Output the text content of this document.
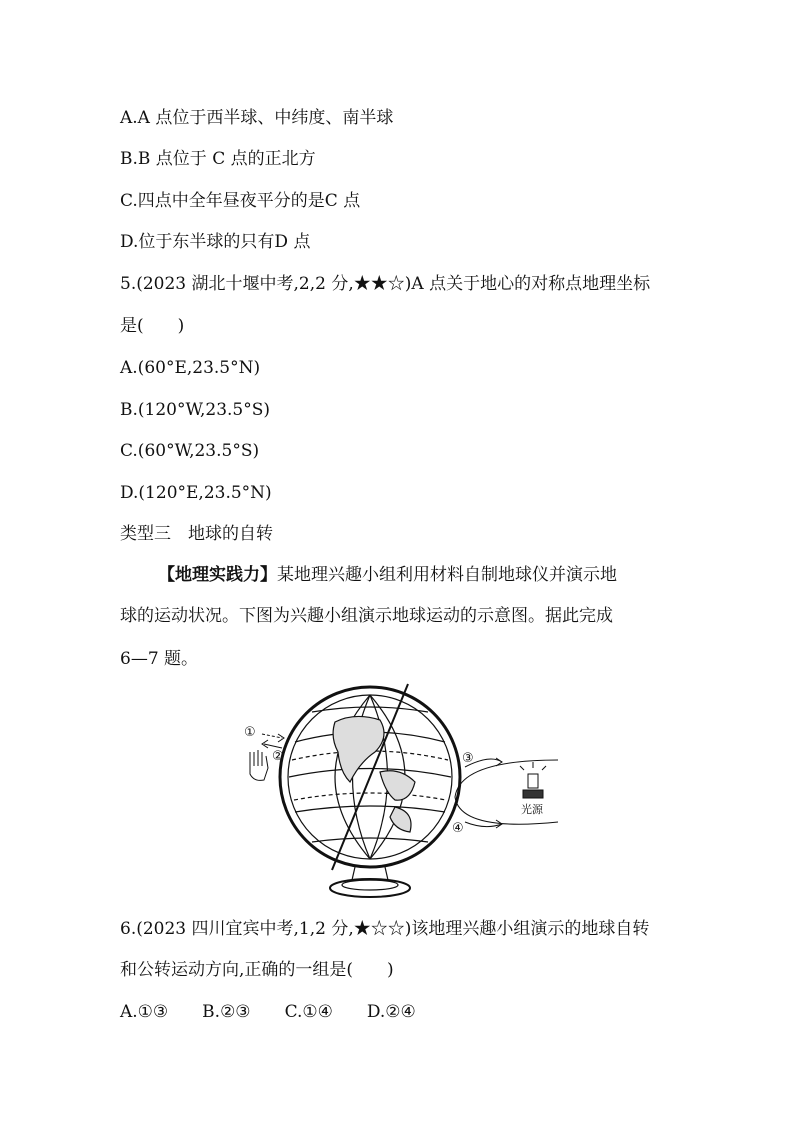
A.A 点位于西半球、中纬度、南半球
B.B 点位于 C 点的正北方
C.四点中全年昼夜平分的是C 点
D.位于东半球的只有D 点
5.(2023 湖北十堰中考,2,2 分,★★☆)A 点关于地心的对称点地理坐标
是(　　)
A.(60°E,23.5°N)
B.(120°W,23.5°S)
C.(60°W,23.5°S)
D.(120°E,23.5°N)
类型三　地球的自转
【地理实践力】某地理兴趣小组利用材料自制地球仪并演示地
球的运动状况。下图为兴趣小组演示地球运动的示意图。据此完成
6—7 题。
①
②	③
④
光源
6.(2023 四川宜宾中考,1,2 分,★☆☆)该地理兴趣小组演示的地球自转
和公转运动方向,正确的一组是(　　)
A.①③ B.②③ C.①④ D.②④
